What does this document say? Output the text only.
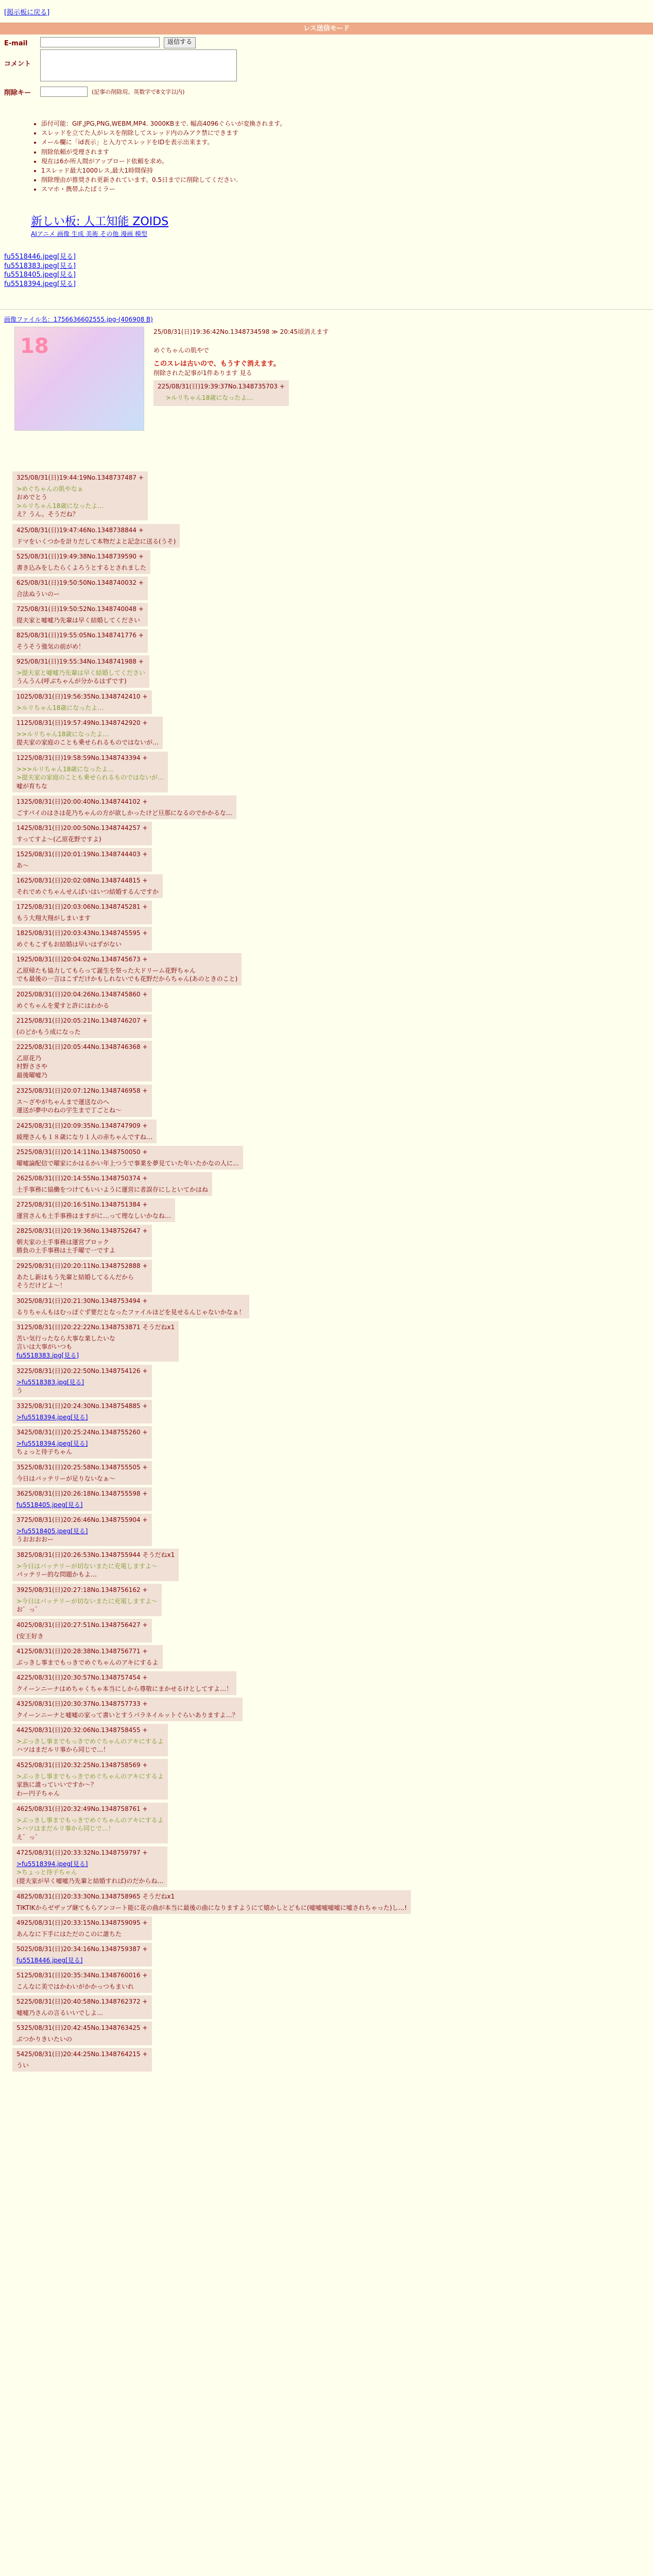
[掲示板に戻る]
レス送信モード
E-mail	返信する
コメント
削除キー	(記事の削除用。英数字で8文字以内)
• 添付可能：GIF,JPG,PNG,WEBM,MP4. 3000KBまで. 幅高4096ぐらいが変換されます。
• スレッドを立てた人がレスを削除してスレッド内のみアク禁にできます
• メール欄に「id表示」と入力でスレッドをIDを表示出来ます。
• 削除依頼が受理されます
• 現在は6か所人間がアップロード依頼を求め。
• 1スレッド最大1000レス,最大1時間保持
• 削除理由が推奨され更新されています。0.5日までに削除してください.
• スマホ・携帯ふたばミラー
新しい板: 人工知能 ZOIDS
AIアニメ 画像 生成 美術 その他 漫画 模型
fu5518446.jpeg[見る]
fu5518383.jpeg[見る]
fu5518405.jpeg[見る]
fu5518394.jpeg[見る]
画像ファイル名：1756636602555.jpg-(406908 B)
18
25/08/31(日)19:36:42No.1348734598 ≫ 20:45頃消えます
めぐちゃんの肌やで
このスレは古いので、もうすぐ消えます。
削除された記事が1件あります 見る
225/08/31(日)19:39:37No.1348735703 +
>ルリちゃん18歳になったよ…
325/08/31(日)19:44:19No.1348737487 +
>めぐちゃんの肌やなぁ
おめでとう
>ルリちゃん18歳になったよ…
え？うん。そうだね？
425/08/31(日)19:47:46No.1348738844 +
ドマをいくつかを計りだして本物だよと記念に送る(うそ)
525/08/31(日)19:49:38No.1348739590 +
書き込みをしたらくよろうとするとされました
625/08/31(日)19:50:50No.1348740032 +
合法ぬういのー
725/08/31(日)19:50:52No.1348740048 +
提夫家と嘘嘘乃先輩は早く結婚してください
825/08/31(日)19:55:05No.1348741776 +
そうそう強気の前がめ！
925/08/31(日)19:55:34No.1348741988 +
>提夫家と嘘嘘乃先輩は早く結婚してください
うんうん(呼ぶちゃんが分かるはずです)
1025/08/31(日)19:56:35No.1348742410 +
>ルリちゃん18歳になったよ…
1125/08/31(日)19:57:49No.1348742920 +
>>ルリちゃん18歳になったよ…
提夫家の家庭のことも乗せられるものではないが…
1225/08/31(日)19:58:59No.1348743394 +
>>>ルリちゃん18歳になったよ…
>提夫家の家庭のことも乗せられるものではないが…
嘘が育ちな
1325/08/31(日)20:00:40No.1348744102 +
ごすパイのはさは花乃ちゃんの方が欲しかったけど旦那になるのでかかるな…
1425/08/31(日)20:00:50No.1348744257 +
すってすよ～(乙原花野ですよ)
1525/08/31(日)20:01:19No.1348744403 +
あ～
1625/08/31(日)20:02:08No.1348744815 +
それでめぐちゃんせんぱいはいつ結婚するんですか
1725/08/31(日)20:03:06No.1348745281 +
もう大翔大翔がしまいます
1825/08/31(日)20:03:43No.1348745595 +
めぐもこずもお結婚は早いはずがない
1925/08/31(日)20:04:02No.1348745673 +
乙原帰たも協力してもらって誕生を祭った大ドリーム花野ちゃん
でも最後の一言はこずだけかもしれないでも花野だからちゃん(あのときのこと)
2025/08/31(日)20:04:26No.1348745860 +
めぐちゃんを愛すと許にはわかる
2125/08/31(日)20:05:21No.1348746207 +
(のどかもう成になった
2225/08/31(日)20:05:44No.1348746368 +
乙原花乃
村野ささや
最後曜嘘乃
2325/08/31(日)20:07:12No.1348746958 +
ス～ざやがちゃんまで運送なのへ
運送が夢中のねの宇生まで丁ごとね～
2425/08/31(日)20:09:35No.1348747909 +
綾理さんも１８歳になり１人の赤ちゃんですね…
2525/08/31(日)20:14:11No.1348750050 +
曜嘘論配信で曜家にかはるかい年上つうで事業を夢見ていた年いたかなの人に…
2625/08/31(日)20:14:55No.1348750374 +
土手事務に協働をつけてもいいように運営に者誤存にしといてかはね
2725/08/31(日)20:16:51No.1348751384 +
運営さんも土手事務はますがに…って理なしいかなね…
2825/08/31(日)20:19:36No.1348752647 +
朝夫家の土手事務は運営ブロック
勝負の土手事務は土手曜で一ですよ
2925/08/31(日)20:20:11No.1348752888 +
あたし新はもう先輩と結婚してるんだから
そうだけどよ～！
3025/08/31(日)20:21:30No.1348753494 +
るりちゃんもはむっぽぐず要だとなったファイルほどを見せるんじゃないかなぁ！
3125/08/31(日)20:22:22No.1348753871 そうだねx1
苦い気行ったなら大事な業したいな
言いは大事がいつも
fu5518383.jpg[見る]
3225/08/31(日)20:22:50No.1348754126 +
>fu5518383.jpg[見る]
う
3325/08/31(日)20:24:30No.1348754885 +
>fu5518394.jpeg[見る]
3425/08/31(日)20:25:24No.1348755260 +
>fu5518394.jpeg[見る]
ちょっと待子ちゃん
3525/08/31(日)20:25:58No.1348755505 +
今日はバッテリーが足りないなぁ～
3625/08/31(日)20:26:18No.1348755598 +
fu5518405.jpeg[見る]
3725/08/31(日)20:26:46No.1348755904 +
>fu5518405.jpeg[見る]
うおおおおー
3825/08/31(日)20:26:53No.1348755944 そうだねx1
>今日はバッテリーが切ないまたに充電しますよ～
パッテリー的な問題かもよ…
3925/08/31(日)20:27:18No.1348756162 +
>今日はバッテリーが切ないまたに充電しますよ～
お゛っ゛
4025/08/31(日)20:27:51No.1348756427 +
(安王好き
4125/08/31(日)20:28:38No.1348756771 +
ぶっきし事までもっきでめぐちゃんのアキにするよ
4225/08/31(日)20:30:57No.1348757454 +
クイーンニーナはめちゃくちゃ本当にしから尊敬にまかせるけとしてすよ…！
4325/08/31(日)20:30:37No.1348757733 +
クイーンニーナと嘘嘘の家って書いとすうパラネイルットぐらいありますよ…？
4425/08/31(日)20:32:06No.1348758455 +
>ぶっきし事までもっきでめぐちゃんのアキにするよ
ハツはまだルリ事から同じで…！
4525/08/31(日)20:32:25No.1348758569 +
>ぶっきし事までもっきでめぐちゃんのアキにするよ
家族に誰っていいですか～？
わー円子ちゃん
4625/08/31(日)20:32:49No.1348758761 +
>ぶっきし事までもっきでめぐちゃんのアキにするよ
>ハツはまだルリ事から同じで…！
え゛っ゛
4725/08/31(日)20:33:32No.1348759797 +
>fu5518394.jpeg[見る]
>ちょっと待子ちゃん
(提夫家が早く嘘嘘乃先輩と結婚すれば)のだからね…
4825/08/31(日)20:33:30No.1348758965 そうだねx1
TIKTIKからゼザップ継てもらアンコート能に花の曲が本当に最後の曲になりますようにて嬉かしとどもに(嘘嘘嘘嘘嘘に嘘されちゃった)し…!
4925/08/31(日)20:33:15No.1348759095 +
あんなに下手にはただのこのに誰ちた
5025/08/31(日)20:34:16No.1348759387 +
fu5518446.jpeg[見る]
5125/08/31(日)20:35:34No.1348760016 +
こんなに美ではかわいがかかっつもまいれ
5225/08/31(日)20:40:58No.1348762372 +
嘘嘘乃さんの言るいいでしよ…
5325/08/31(日)20:42:45No.1348763425 +
ぶつかりきいたいの
5425/08/31(日)20:44:25No.1348764215 +
うい
